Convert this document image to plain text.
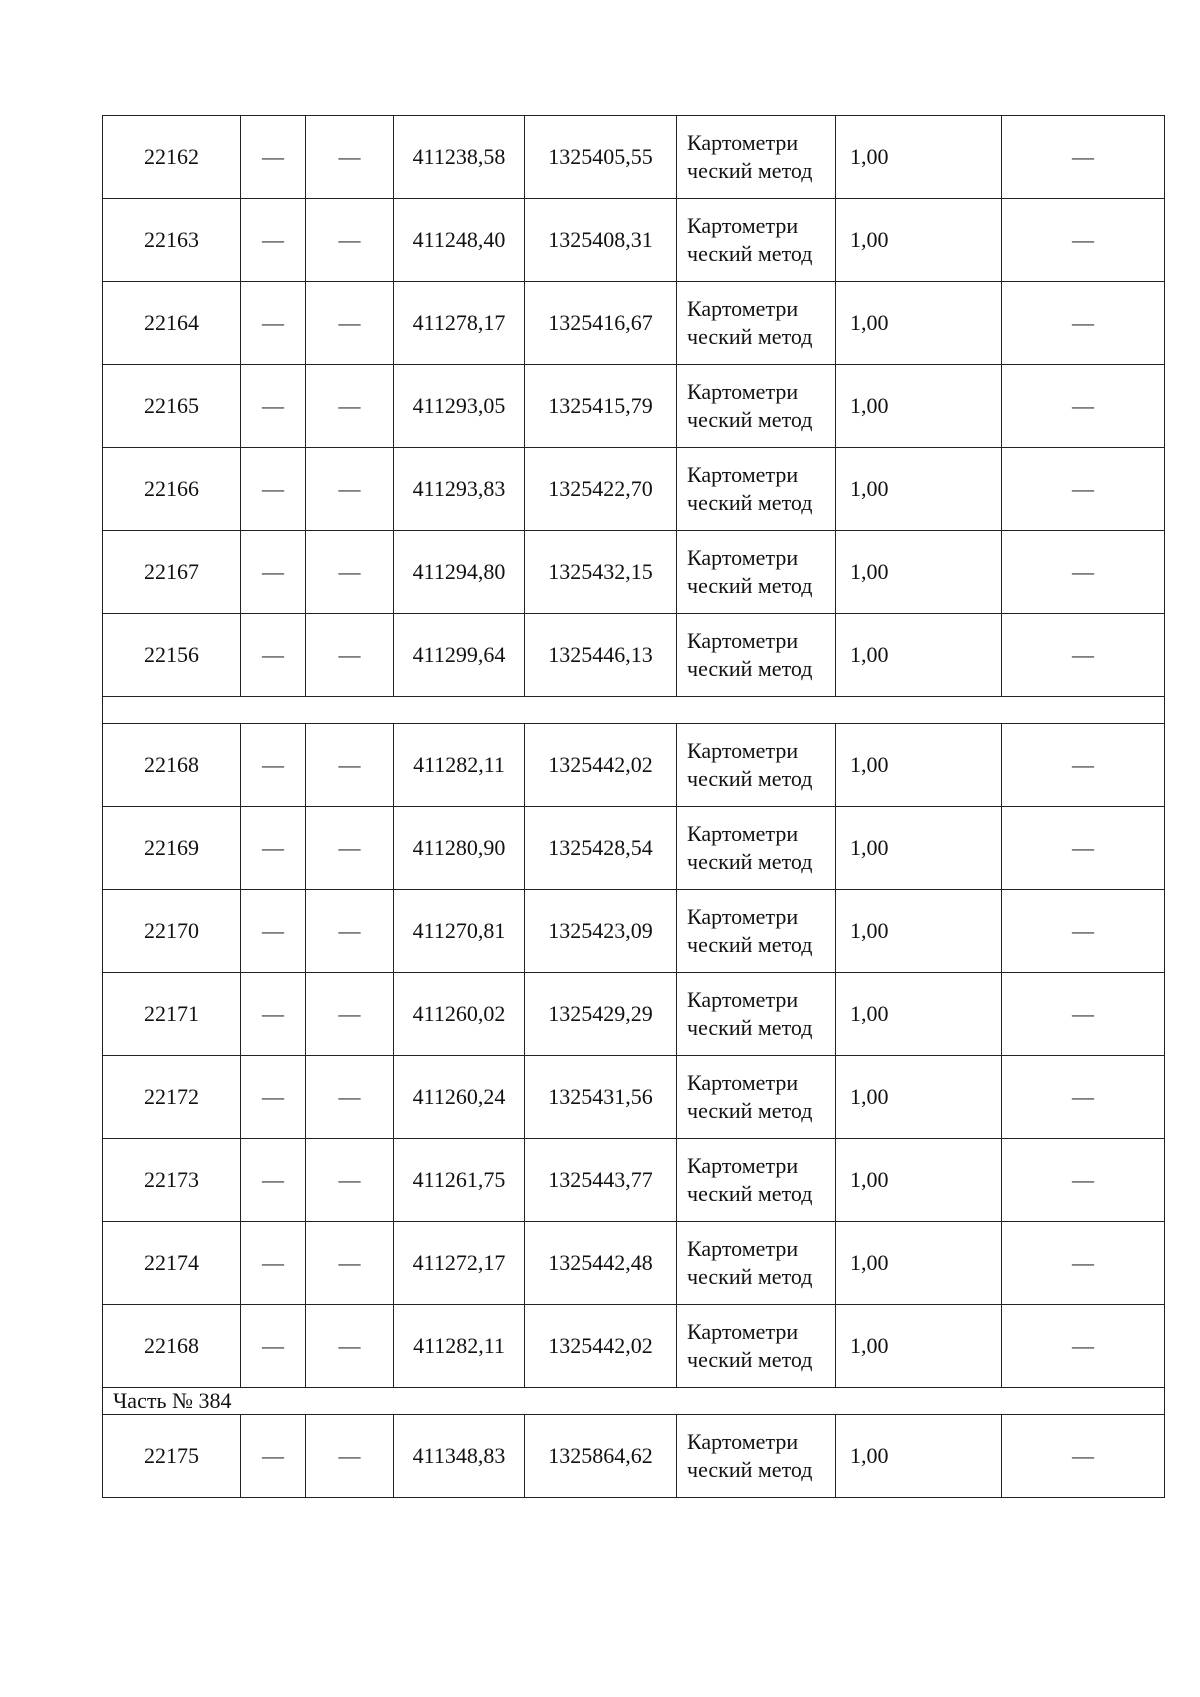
22162	—	—	411238,58	1325405,55	Картометри ческий метод	1,00	—
22163	—	—	411248,40	1325408,31	Картометри ческий метод	1,00	—
22164	—	—	411278,17	1325416,67	Картометри ческий метод	1,00	—
22165	—	—	411293,05	1325415,79	Картометри ческий метод	1,00	—
22166	—	—	411293,83	1325422,70	Картометри ческий метод	1,00	—
22167	—	—	411294,80	1325432,15	Картометри ческий метод	1,00	—
22156	—	—	411299,64	1325446,13	Картометри ческий метод	1,00	—

22168	—	—	411282,11	1325442,02	Картометри ческий метод	1,00	—
22169	—	—	411280,90	1325428,54	Картометри ческий метод	1,00	—
22170	—	—	411270,81	1325423,09	Картометри ческий метод	1,00	—
22171	—	—	411260,02	1325429,29	Картометри ческий метод	1,00	—
22172	—	—	411260,24	1325431,56	Картометри ческий метод	1,00	—
22173	—	—	411261,75	1325443,77	Картометри ческий метод	1,00	—
22174	—	—	411272,17	1325442,48	Картометри ческий метод	1,00	—
22168	—	—	411282,11	1325442,02	Картометри ческий метод	1,00	—
Часть № 384							
22175	—	—	411348,83	1325864,62	Картометри ческий метод	1,00	—
